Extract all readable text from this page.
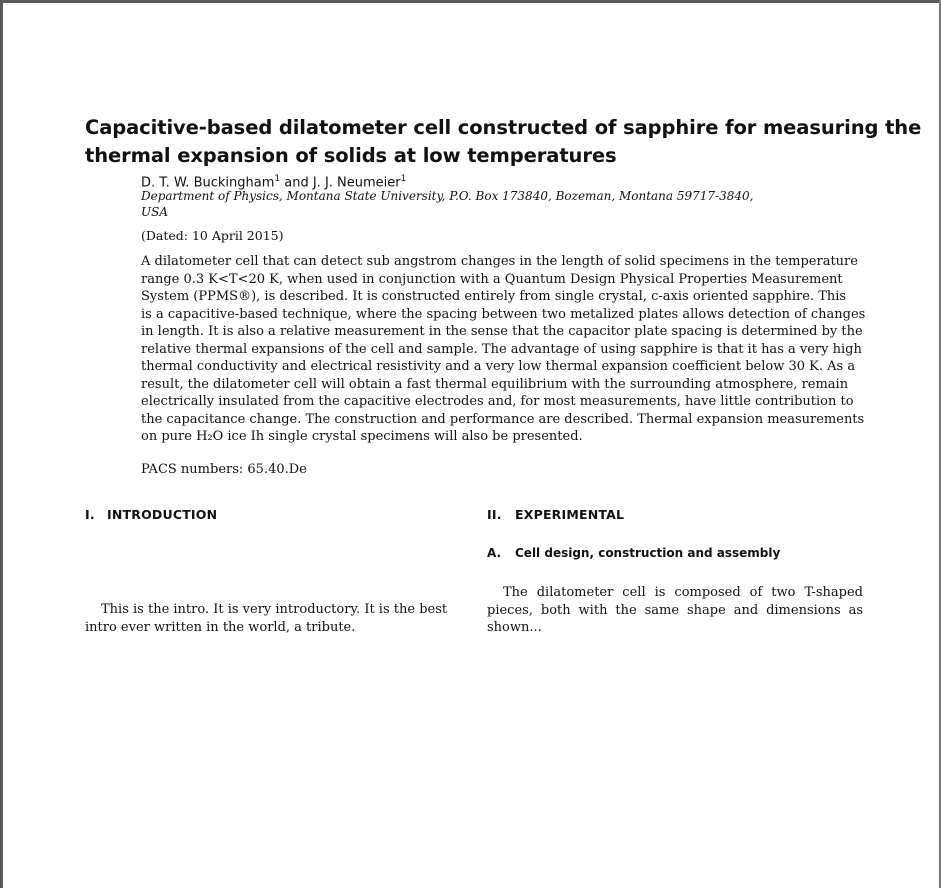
Capacitive-based dilatometer cell constructed of sapphire for measuring the
thermal expansion of solids at low temperatures
D. T. W. Buckingham$^1$ and J. J. Neumeier$^1$
Department of Physics, Montana State University, P.O. Box 173840, Bozeman, Montana 59717-3840,
USA
(Dated: 10 April 2015)
A dilatometer cell that can detect sub angstrom changes in the length of solid specimens in the temperature
range 0.3 K<T<20 K, when used in conjunction with a Quantum Design Physical Properties Measurement
System (PPMS®), is described. It is constructed entirely from single crystal, c-axis oriented sapphire. This
is a capacitive-based technique, where the spacing between two metalized plates allows detection of changes
in length. It is also a relative measurement in the sense that the capacitor plate spacing is determined by the
relative thermal expansions of the cell and sample. The advantage of using sapphire is that it has a very high
thermal conductivity and electrical resistivity and a very low thermal expansion coefficient below 30 K. As a
result, the dilatometer cell will obtain a fast thermal equilibrium with the surrounding atmosphere, remain
electrically insulated from the capacitive electrodes and, for most measurements, have little contribution to
the capacitance change. The construction and performance are described. Thermal expansion measurements
on pure H₂O ice Ih single crystal specimens will also be presented.
PACS numbers: 65.40.De
I. INTRODUCTION
This is the intro. It is very introductory. It is the best
intro ever written in the world, a tribute.
II. EXPERIMENTAL
A. Cell design, construction and assembly
The dilatometer cell is composed of two T-shaped
pieces, both with the same shape and dimensions as
shown...
